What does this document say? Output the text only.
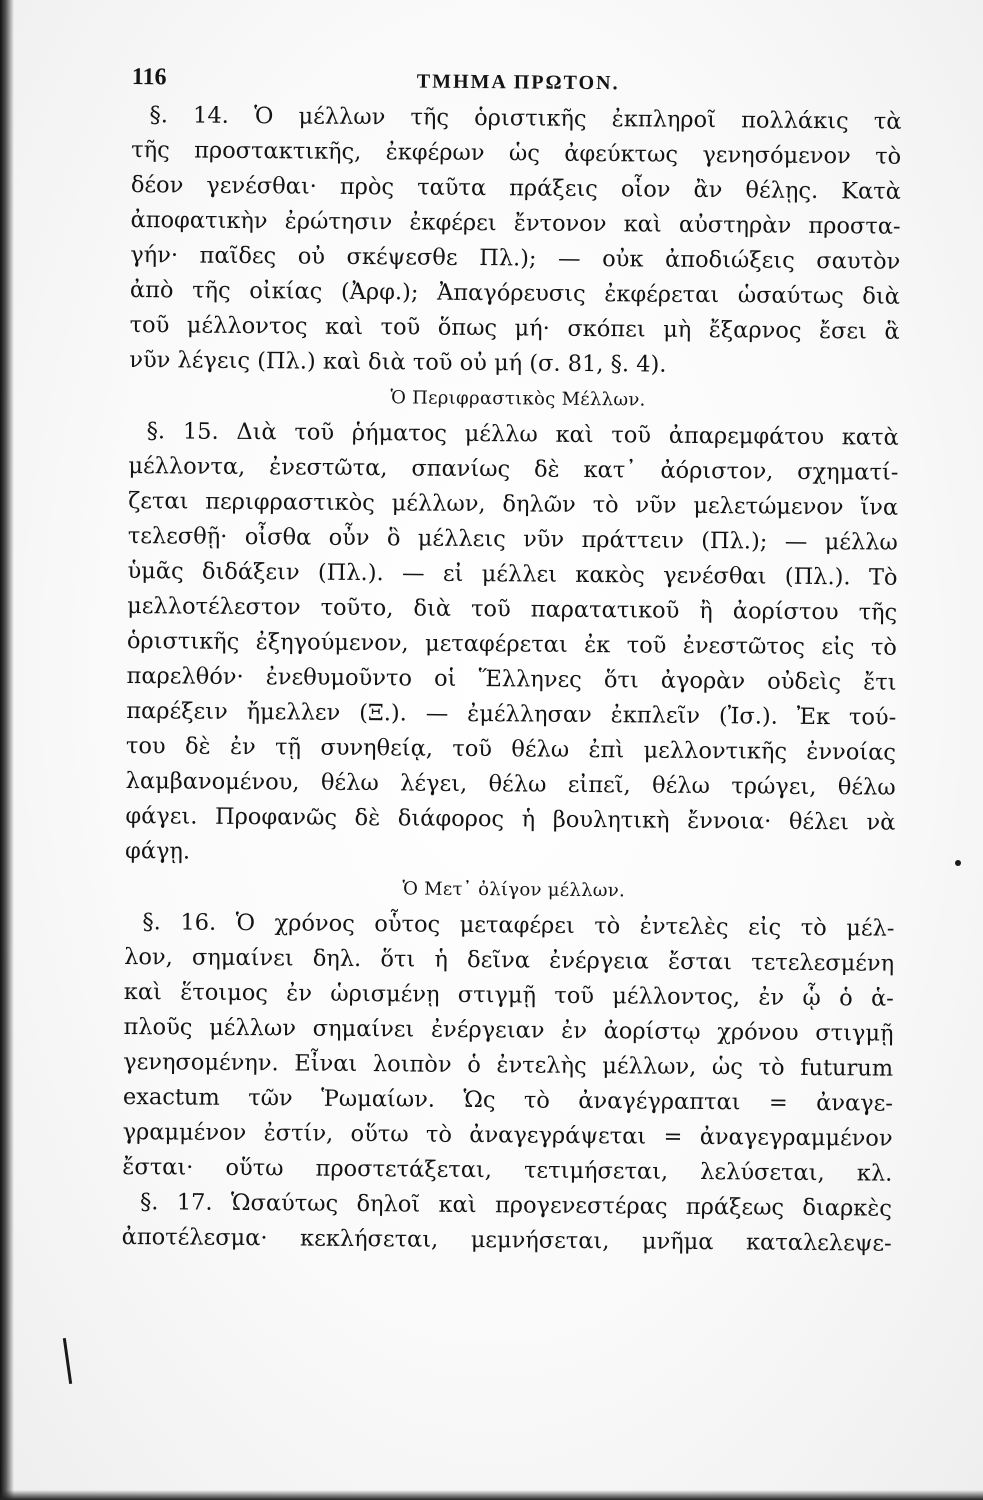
116	ΤΜΗΜΑ ΠΡΩΤΟΝ.
§. 14. Ὁ μέλλων τῆς ὁριστικῆς ἐκπληροῖ πολλάκις τὰ
τῆς προστακτικῆς, ἐκφέρων ὡς ἀφεύκτως γενησόμενον τὸ
δέον γενέσθαι· πρὸς ταῦτα πράξεις οἷον ἂν θέλῃς. Κατὰ
ἀποφατικὴν ἐρώτησιν ἐκφέρει ἔντονον καὶ αὐστηρὰν προστα-
γήν· παῖδες οὐ σκέψεσθε Πλ.); — οὐκ ἀποδιώξεις σαυτὸν
ἀπὸ τῆς οἰκίας (Ἀρφ.); Ἀπαγόρευσις ἐκφέρεται ὡσαύτως διὰ
τοῦ μέλλοντος καὶ τοῦ ὅπως μή· σκόπει μὴ ἔξαρνος ἔσει ἃ
νῦν λέγεις (Πλ.) καὶ διὰ τοῦ οὐ μή (σ. 81, §. 4).
Ὁ Περιφραστικὸς Μέλλων.
§. 15. Διὰ τοῦ ῥήματος μέλλω καὶ τοῦ ἀπαρεμφάτου κατὰ
μέλλοντα, ἐνεστῶτα, σπανίως δὲ κατ᾽ ἀόριστον, σχηματί-
ζεται περιφραστικὸς μέλλων, δηλῶν τὸ νῦν μελετώμενον ἵνα
τελεσθῇ· οἶσθα οὖν ὃ μέλλεις νῦν πράττειν (Πλ.); — μέλλω
ὑμᾶς διδάξειν (Πλ.). — εἰ μέλλει κακὸς γενέσθαι (Πλ.). Τὸ
μελλοτέλεστον τοῦτο, διὰ τοῦ παρατατικοῦ ἢ ἀορίστου τῆς
ὁριστικῆς ἐξηγούμενον, μεταφέρεται ἐκ τοῦ ἐνεστῶτος εἰς τὸ
παρελθόν· ἐνεθυμοῦντο οἱ Ἕλληνες ὅτι ἀγορὰν οὐδεὶς ἔτι
παρέξειν ἤμελλεν (Ξ.). — ἐμέλλησαν ἐκπλεῖν (Ἰσ.). Ἐκ τού-
του δὲ ἐν τῇ συνηθείᾳ, τοῦ θέλω ἐπὶ μελλοντικῆς ἐννοίας
λαμβανομένου, θέλω λέγει, θέλω εἰπεῖ, θέλω τρώγει, θέλω
φάγει. Προφανῶς δὲ διάφορος ἡ βουλητικὴ ἔννοια· θέλει νὰ
φάγῃ.
Ὁ Μετ᾽ ὀλίγον μέλλων.
§. 16. Ὁ χρόνος οὗτος μεταφέρει τὸ ἐντελὲς εἰς τὸ μέλ-
λον, σημαίνει δηλ. ὅτι ἡ δεῖνα ἐνέργεια ἔσται τετελεσμένη
καὶ ἕτοιμος ἐν ὡρισμένῃ στιγμῇ τοῦ μέλλοντος, ἐν ᾧ ὁ ἁ-
πλοῦς μέλλων σημαίνει ἐνέργειαν ἐν ἀορίστῳ χρόνου στιγμῇ
γενησομένην. Εἶναι λοιπὸν ὁ ἐντελὴς μέλλων, ὡς τὸ futurum
exactum τῶν Ῥωμαίων. Ὡς τὸ ἀναγέγραπται = ἀναγε-
γραμμένον ἐστίν, οὕτω τὸ ἀναγεγράψεται = ἀναγεγραμμένον
ἔσται· οὕτω προστετάξεται, τετιμήσεται, λελύσεται, κλ.
§. 17. Ὡσαύτως δηλοῖ καὶ προγενεστέρας πράξεως διαρκὲς
ἀποτέλεσμα· κεκλήσεται, μεμνήσεται, μνῆμα καταλελεψε-
